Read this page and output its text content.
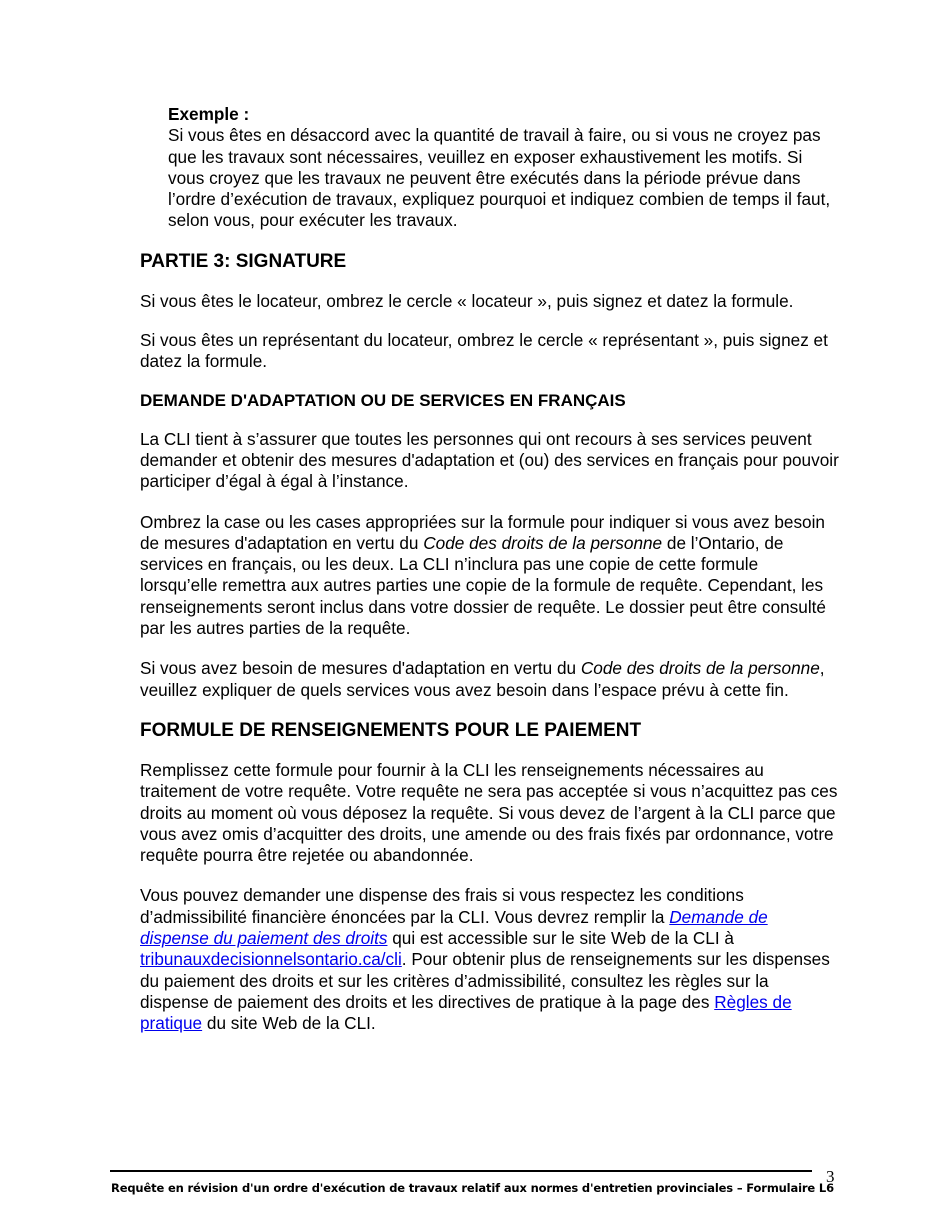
Exemple :

Si vous êtes en désaccord avec la quantité de travail à faire, ou si vous ne croyez pas que les travaux sont nécessaires, veuillez en exposer exhaustivement les motifs. Si vous croyez que les travaux ne peuvent être exécutés dans la période prévue dans l’ordre d’exécution de travaux, expliquez pourquoi et indiquez combien de temps il faut, selon vous, pour exécuter les travaux.

PARTIE 3: SIGNATURE

Si vous êtes le locateur, ombrez le cercle « locateur », puis signez et datez la formule.

Si vous êtes un représentant du locateur, ombrez le cercle « représentant », puis signez et datez la formule.

DEMANDE D'ADAPTATION OU DE SERVICES EN FRANÇAIS

La CLI tient à s’assurer que toutes les personnes qui ont recours à ses services peuvent demander et obtenir des mesures d'adaptation et (ou) des services en français pour pouvoir participer d’égal à égal à l’instance.

Ombrez la case ou les cases appropriées sur la formule pour indiquer si vous avez besoin de mesures d'adaptation en vertu du Code des droits de la personne de l’Ontario, de services en français, ou les deux. La CLI n’inclura pas une copie de cette formule lorsqu’elle remettra aux autres parties une copie de la formule de requête. Cependant, les renseignements seront inclus dans votre dossier de requête. Le dossier peut être consulté par les autres parties de la requête.

Si vous avez besoin de mesures d'adaptation en vertu du Code des droits de la personne, veuillez expliquer de quels services vous avez besoin dans l’espace prévu à cette fin.

FORMULE DE RENSEIGNEMENTS POUR LE PAIEMENT

Remplissez cette formule pour fournir à la CLI les renseignements nécessaires au traitement de votre requête. Votre requête ne sera pas acceptée si vous n’acquittez pas ces droits au moment où vous déposez la requête. Si vous devez de l’argent à la CLI parce que vous avez omis d’acquitter des droits, une amende ou des frais fixés par ordonnance, votre requête pourra être rejetée ou abandonnée.

Vous pouvez demander une dispense des frais si vous respectez les conditions d’admissibilité financière énoncées par la CLI. Vous devrez remplir la Demande de dispense du paiement des droits qui est accessible sur le site Web de la CLI à tribunauxdecisionnelsontario.ca/cli. Pour obtenir plus de renseignements sur les dispenses du paiement des droits et sur les critères d’admissibilité, consultez les règles sur la dispense de paiement des droits et les directives de pratique à la page des Règles de pratique du site Web de la CLI.

3
Requête en révision d'un ordre d'exécution de travaux relatif aux normes d'entretien provinciales – Formulaire L6
